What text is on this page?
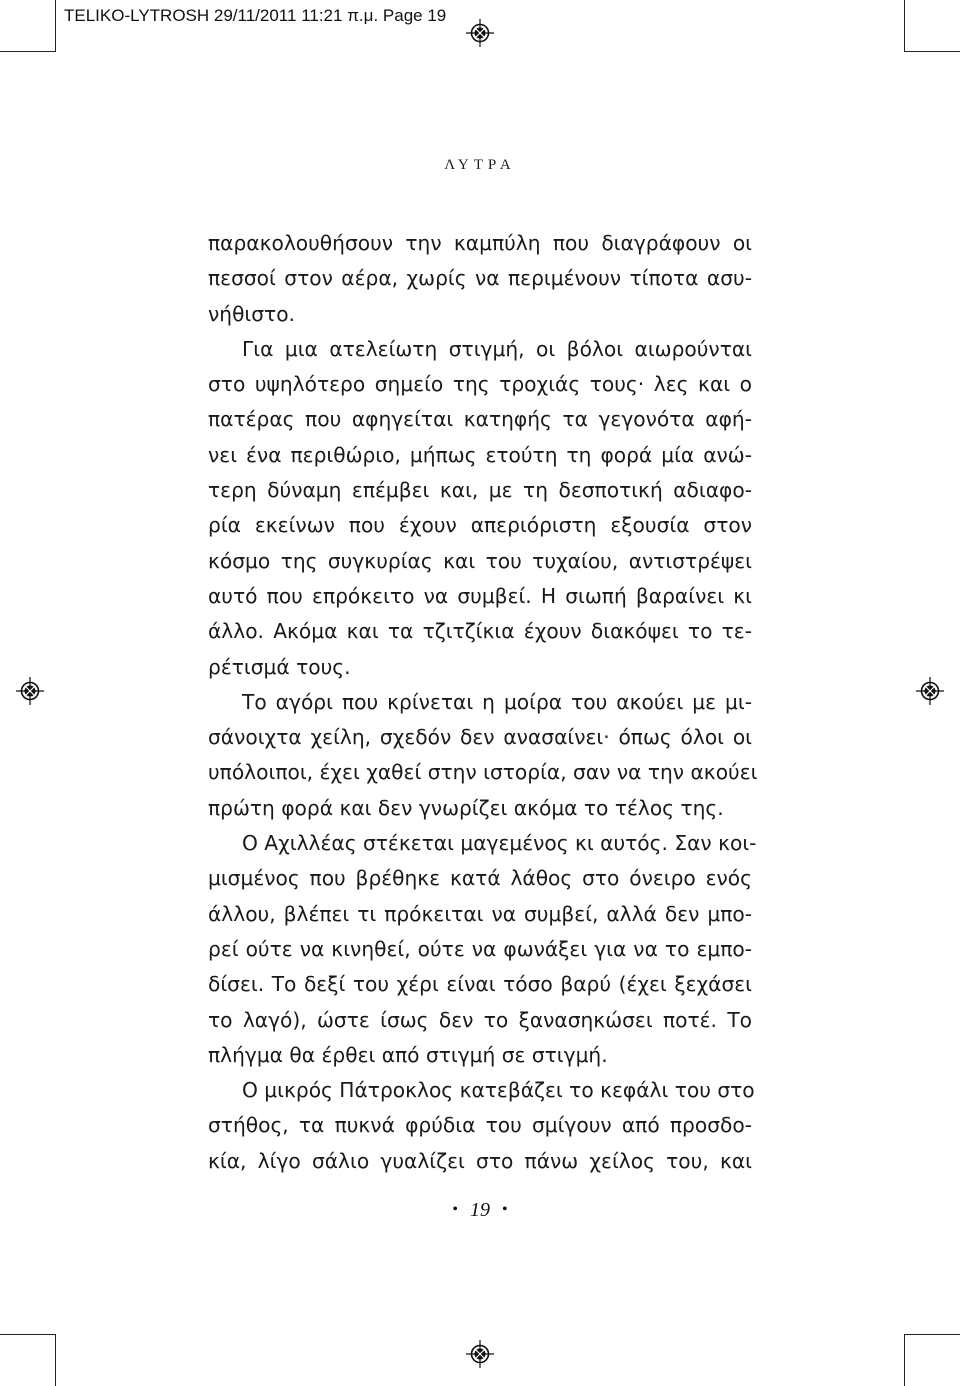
TELIKO-LYTROSH 29/11/2011 11:21 π.μ. Page 19
ΛΥΤΡΑ
παρακολουθήσουν την καμπύλη που διαγράφουν οι
πεσσοί στον αέρα, χωρίς να περιμένουν τίποτα ασυ-
νήθιστο.
Για μια ατελείωτη στιγμή, οι βόλοι αιωρούνται
στο υψηλότερο σημείο της τροχιάς τους· λες και ο
πατέρας που αφηγείται κατηφής τα γεγονότα αφή-
νει ένα περιθώριο, μήπως ετούτη τη φορά μία ανώ-
τερη δύναμη επέμβει και, με τη δεσποτική αδιαφο-
ρία εκείνων που έχουν απεριόριστη εξουσία στον
κόσμο της συγκυρίας και του τυχαίου, αντιστρέψει
αυτό που επρόκειτο να συμβεί. Η σιωπή βαραίνει κι
άλλο. Ακόμα και τα τζιτζίκια έχουν διακόψει το τε-
ρέτισμά τους.
Το αγόρι που κρίνεται η μοίρα του ακούει με μι-
σάνοιχτα χείλη, σχεδόν δεν ανασαίνει· όπως όλοι οι
υπόλοιποι, έχει χαθεί στην ιστορία, σαν να την ακούει
πρώτη φορά και δεν γνωρίζει ακόμα το τέλος της.
Ο Αχιλλέας στέκεται μαγεμένος κι αυτός. Σαν κοι-
μισμένος που βρέθηκε κατά λάθος στο όνειρο ενός
άλλου, βλέπει τι πρόκειται να συμβεί, αλλά δεν μπο-
ρεί ούτε να κινηθεί, ούτε να φωνάξει για να το εμπο-
δίσει. Το δεξί του χέρι είναι τόσο βαρύ (έχει ξεχάσει
το λαγό), ώστε ίσως δεν το ξανασηκώσει ποτέ. Το
πλήγμα θα έρθει από στιγμή σε στιγμή.
Ο μικρός Πάτροκλος κατεβάζει το κεφάλι του στο
στήθος, τα πυκνά φρύδια του σμίγουν από προσδο-
κία, λίγο σάλιο γυαλίζει στο πάνω χείλος του, και
• 19 •
